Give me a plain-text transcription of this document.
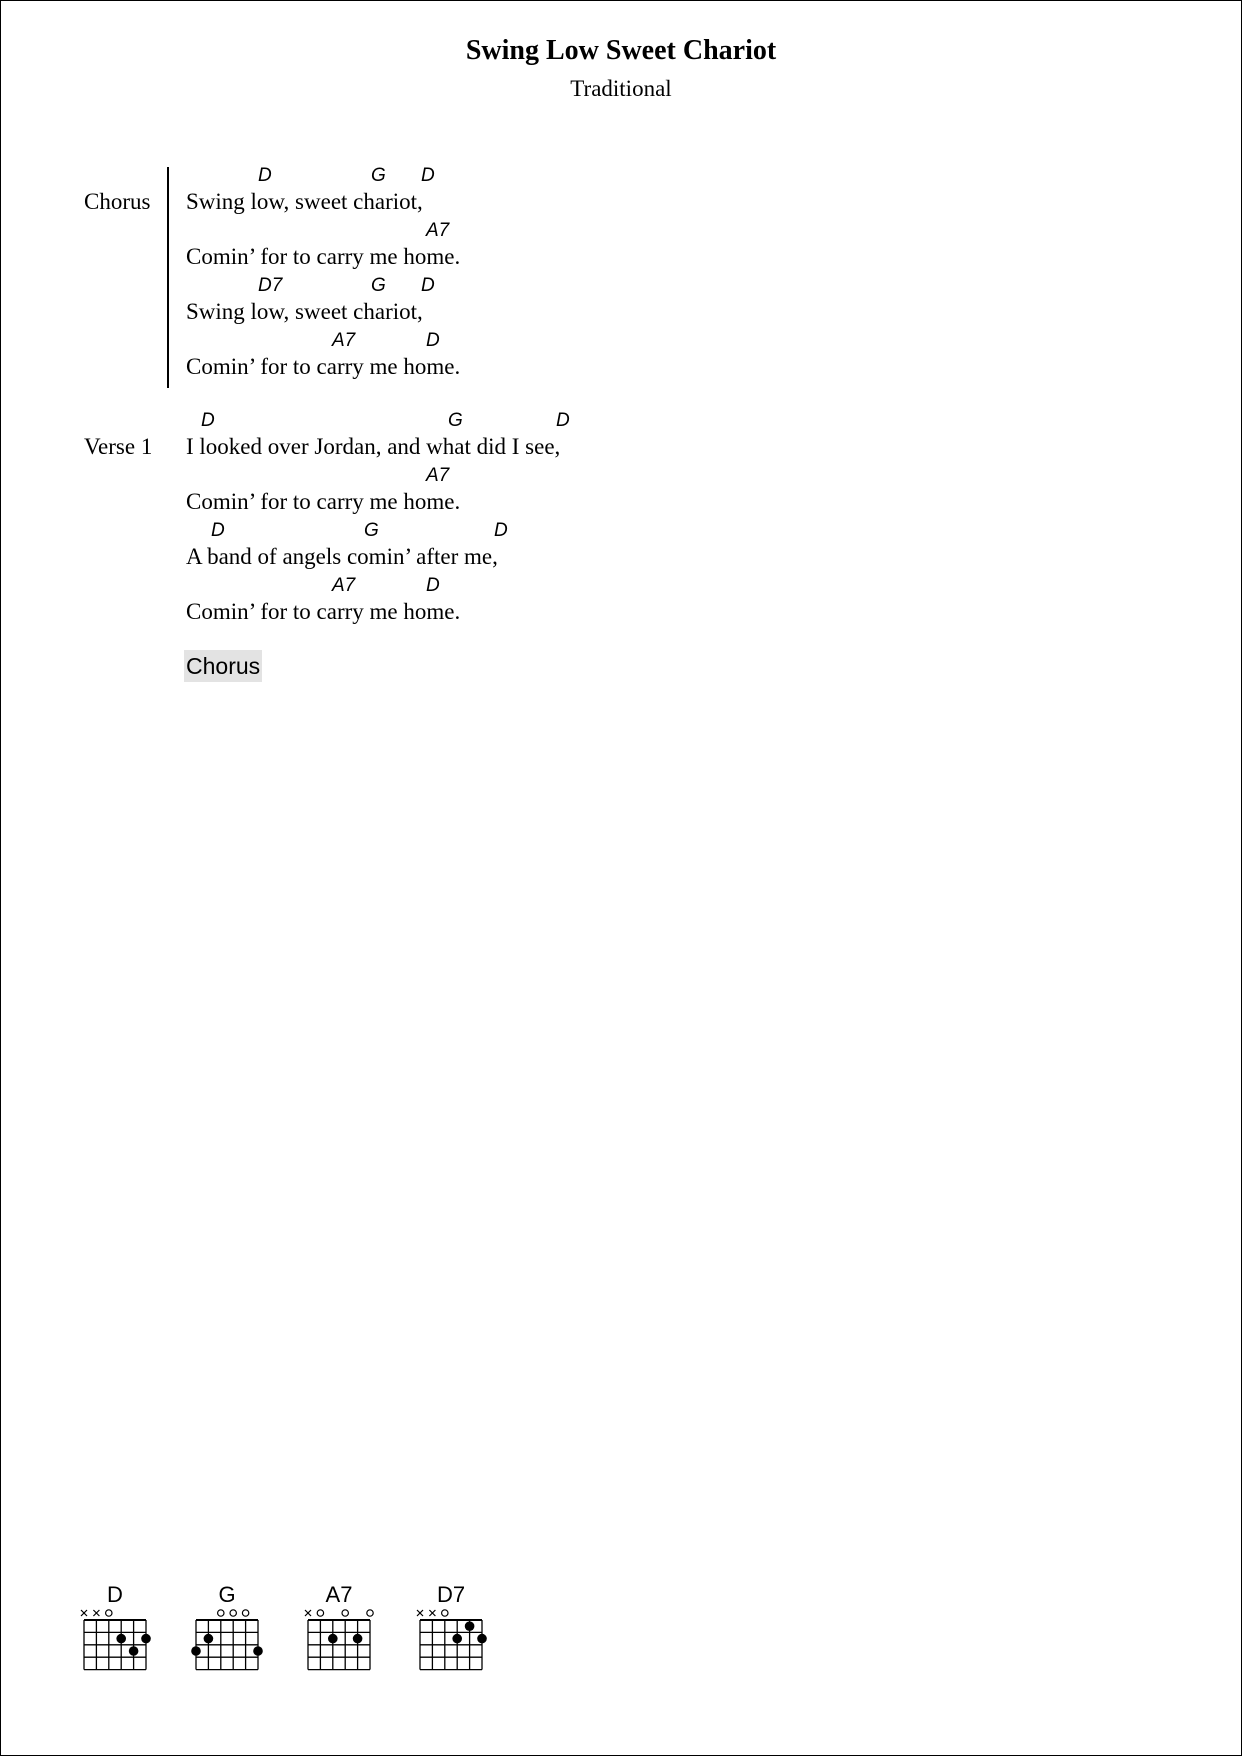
Swing Low Sweet Chariot
Traditional
Chorus
D	G D
Swing low, sweet chariot,
A7
Comin’ for to carry me home.
D7	G D
Swing low, sweet chariot,
A7	D
Comin’ for to carry me home.
Verse 1
D	G	D
I looked over Jordan, and what did I see,
A7
Comin’ for to carry me home.
D	G	D
A band of angels comin’ after me,
A7	D
Comin’ for to carry me home.
Chorus
D	G	A7	D7
